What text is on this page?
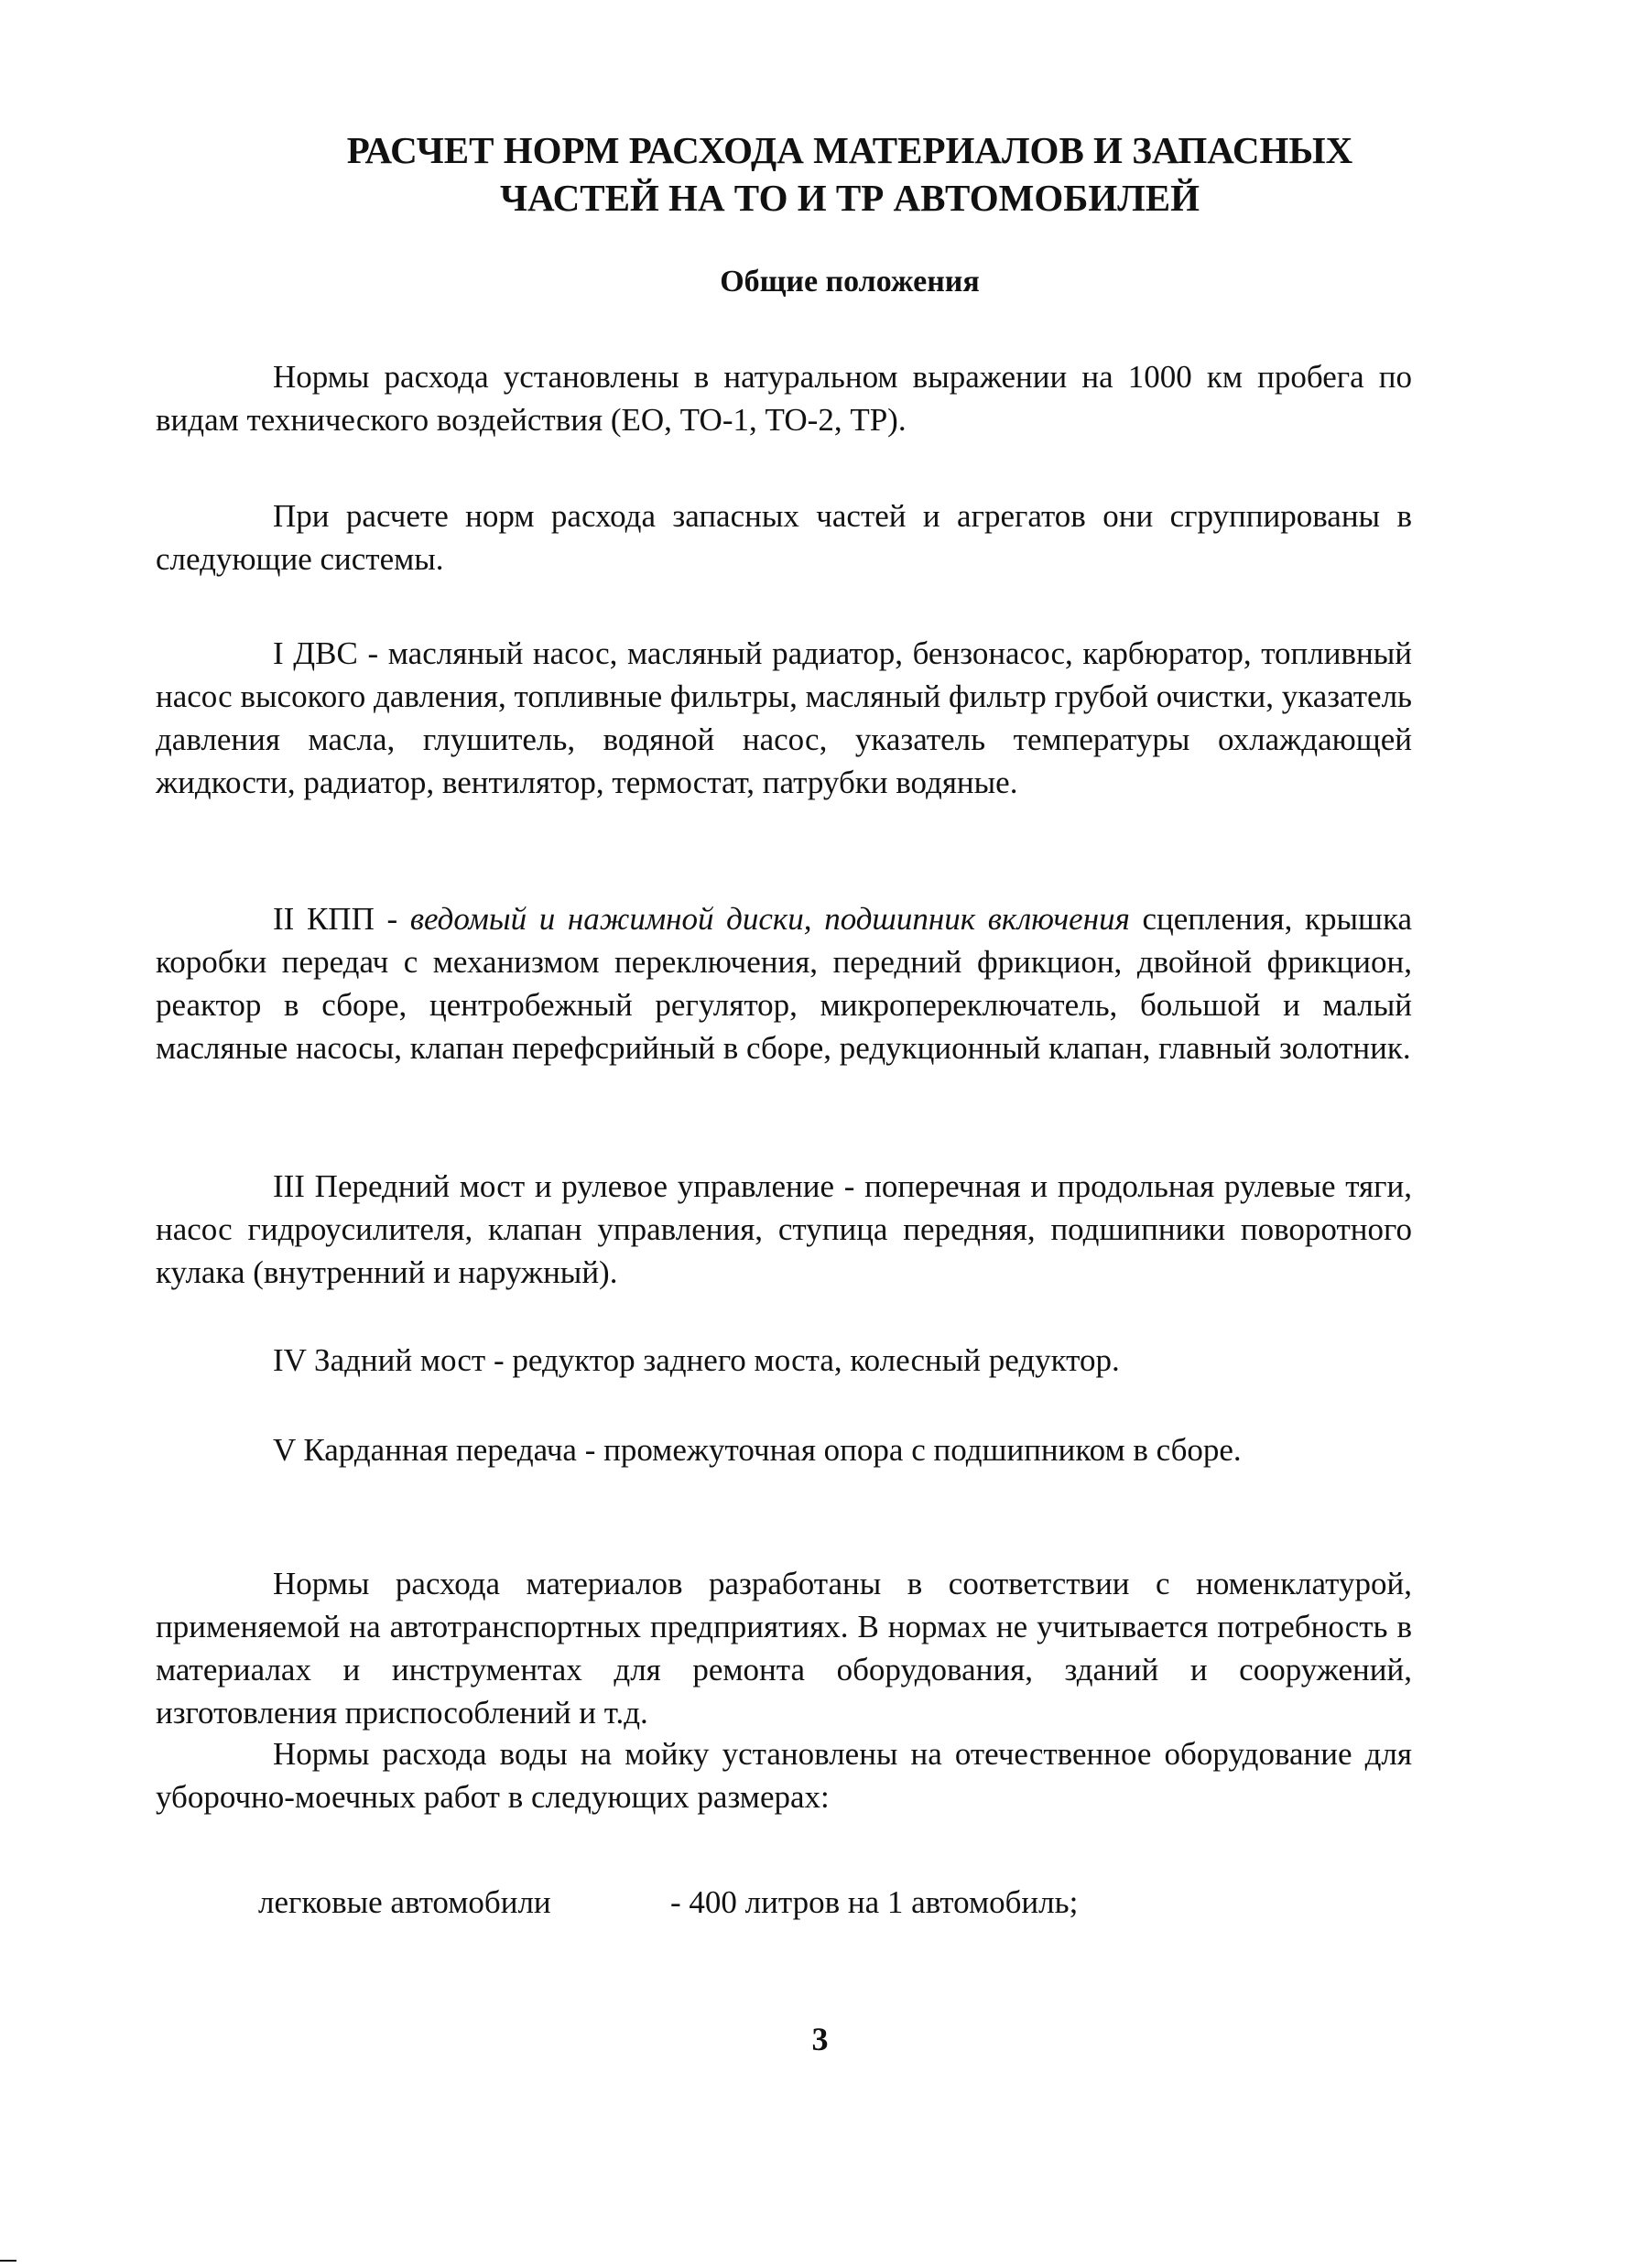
РАСЧЕТ НОРМ РАСХОДА МАТЕРИАЛОВ И ЗАПАСНЫХ
ЧАСТЕЙ НА ТО И ТР АВТОМОБИЛЕЙ
Общие положения

Нормы расхода установлены в натуральном выражении на 1000 км пробега по видам технического воздействия (ЕО, ТО-1, ТО-2, ТР).

При расчете норм расхода запасных частей и агрегатов они сгруппированы в следующие системы.

I ДВС - масляный насос, масляный радиатор, бензонасос, карбюратор, топливный насос высокого давления, топливные фильтры, масляный фильтр грубой очистки, указатель давления масла, глушитель, водяной насос, указатель температуры охлаждающей жидкости, радиатор, вентилятор, термостат, патрубки водяные.

II КПП - ведомый и нажимной диски, подшипник включения сцепления, крышка коробки передач с механизмом переключения, передний фрикцион, двойной фрикцион, реактор в сборе, центробежный регулятор, микропереключатель, большой и малый масляные насосы, клапан перефсрийный в сборе, редукционный клапан, главный золотник.

III Передний мост и рулевое управление - поперечная и продольная рулевые тяги, насос гидроусилителя, клапан управления, ступица передняя, подшипники поворотного кулака (внутренний и наружный).

IV Задний мост - редуктор заднего моста, колесный редуктор.

V Карданная передача - промежуточная опора с подшипником в сборе.

Нормы расхода материалов разработаны в соответствии с номенклатурой, применяемой на автотранспортных предприятиях. В нормах не учитывается потребность в материалах и инструментах для ремонта оборудования, зданий и сооружений, изготовления приспособлений и т.д.

Нормы расхода воды на мойку установлены на отечественное оборудование для уборочно-моечных работ в следующих размерах:

легковые автомобили	- 400 литров на 1 автомобиль;

3
